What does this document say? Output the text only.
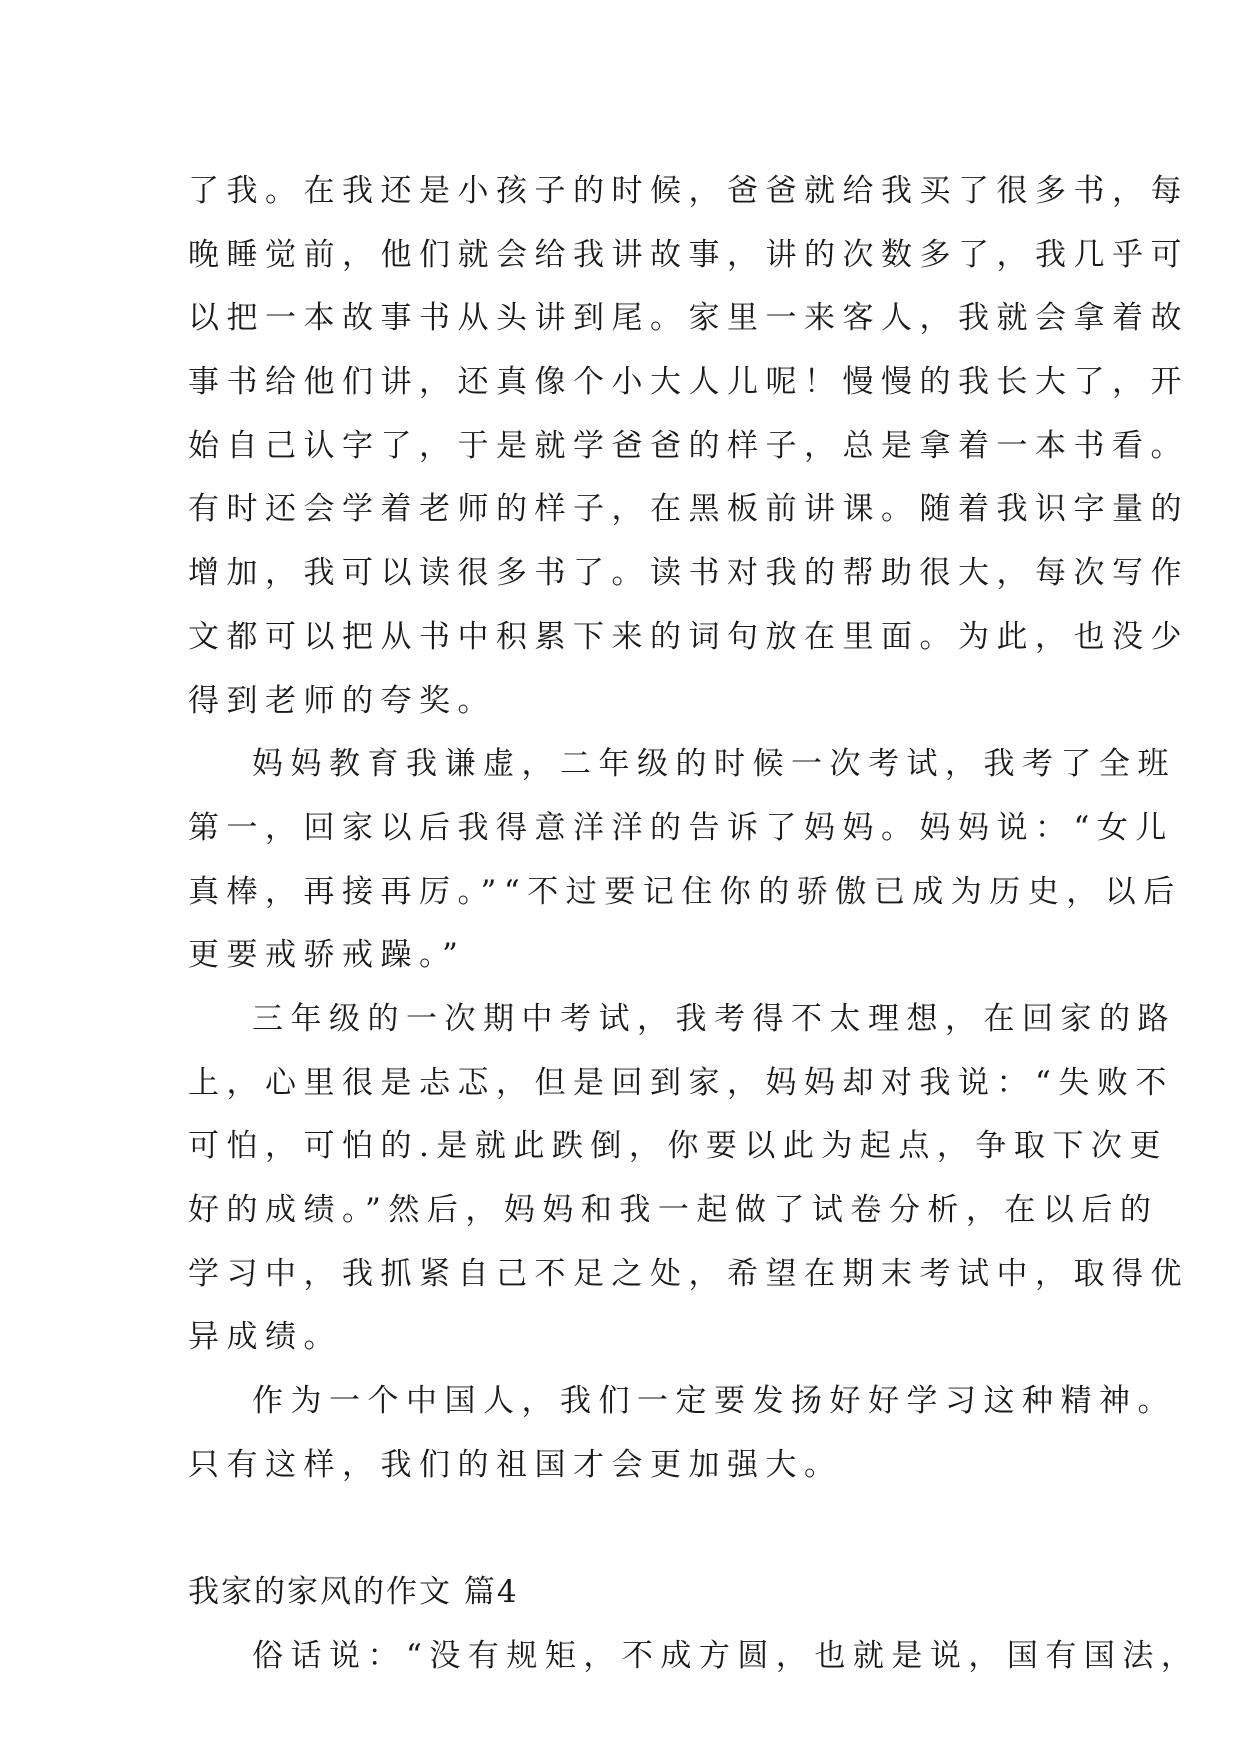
了我。在我还是小孩子的时候，爸爸就给我买了很多书，每
晚睡觉前，他们就会给我讲故事，讲的次数多了，我几乎可
以把一本故事书从头讲到尾。家里一来客人，我就会拿着故
事书给他们讲，还真像个小大人儿呢！慢慢的我长大了，开
始自己认字了，于是就学爸爸的样子，总是拿着一本书看。
有时还会学着老师的样子，在黑板前讲课。随着我识字量的
增加，我可以读很多书了。读书对我的帮助很大，每次写作
文都可以把从书中积累下来的词句放在里面。为此，也没少
得到老师的夸奖。
妈妈教育我谦虚，二年级的时候一次考试，我考了全班
第一，回家以后我得意洋洋的告诉了妈妈。妈妈说：“女儿
真棒，再接再厉。”“不过要记住你的骄傲已成为历史，以后
更要戒骄戒躁。”
三年级的一次期中考试，我考得不太理想，在回家的路
上，心里很是忐忑，但是回到家，妈妈却对我说：“失败不
可怕，可怕的.是就此跌倒，你要以此为起点，争取下次更
好的成绩。”然后，妈妈和我一起做了试卷分析，在以后的
学习中，我抓紧自己不足之处，希望在期末考试中，取得优
异成绩。
作为一个中国人，我们一定要发扬好好学习这种精神。
只有这样，我们的祖国才会更加强大。
我家的家风的作文 篇4
俗话说：“没有规矩，不成方圆，也就是说，国有国法，
